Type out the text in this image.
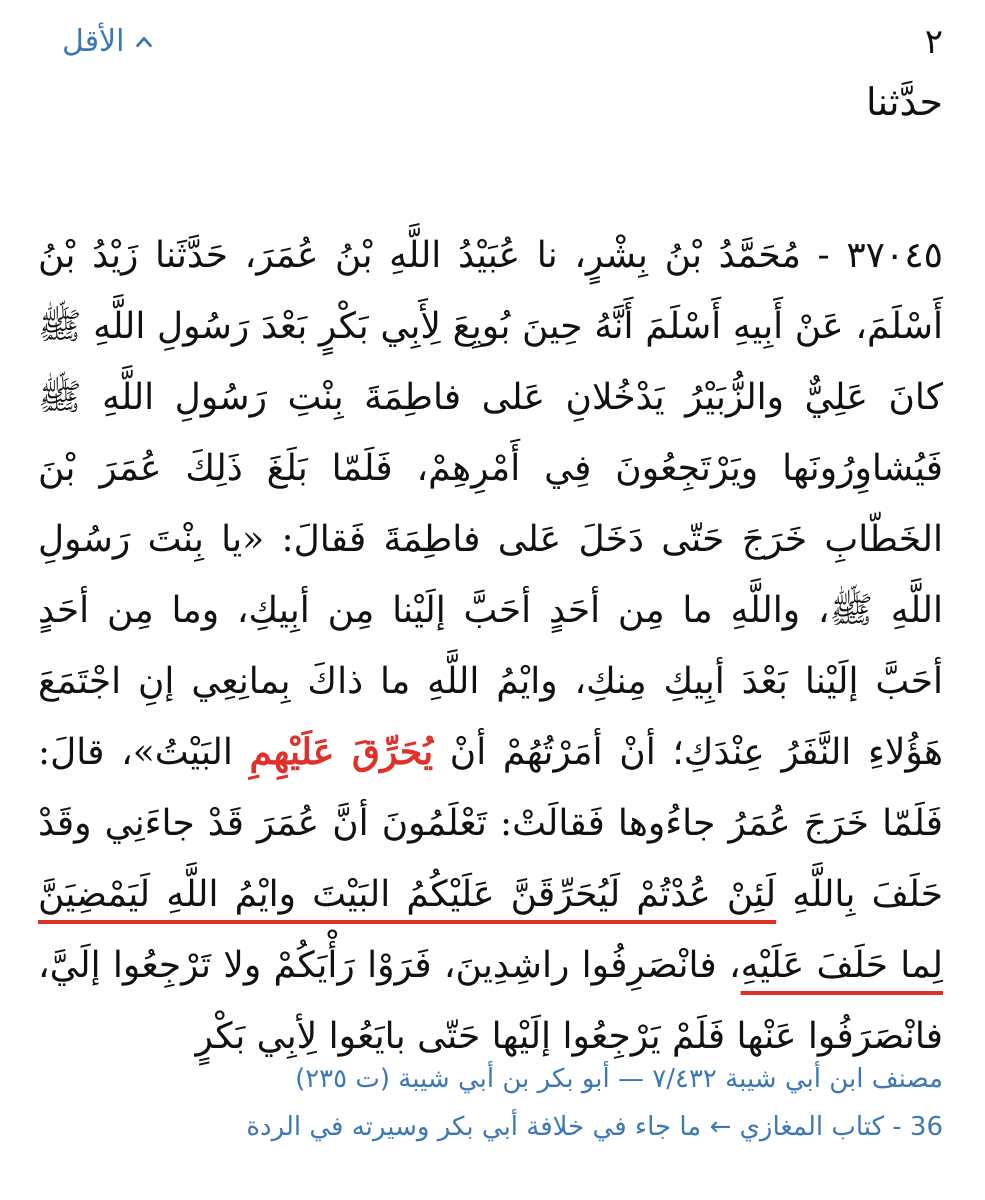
٢
الأقل
حدَّثنا
٣٧٠٤٥ - مُحَمَّدُ بْنُ بِشْرٍ، نا عُبَيْدُ اللَّهِ بْنُ عُمَرَ، حَدَّثَنا زَيْدُ بْنُ أَسْلَمَ، عَنْ أَبِيهِ أَسْلَمَ أَنَّهُ حِينَ بُويِعَ لِأَبِي بَكْرٍ بَعْدَ رَسُولِ اللَّهِ ﷺ كانَ عَلِيٌّ والزُّبَيْرُ يَدْخُلانِ عَلى فاطِمَةَ بِنْتِ رَسُولِ اللَّهِ ﷺ فَيُشاوِرُونَها ويَرْتَجِعُونَ فِي أَمْرِهِمْ، فَلَمّا بَلَغَ ذَلِكَ عُمَرَ بْنَ الخَطّابِ خَرَجَ حَتّى دَخَلَ عَلى فاطِمَةَ فَقالَ: «يا بِنْتَ رَسُولِ اللَّهِ ﷺ، واللَّهِ ما مِن أحَدٍ أحَبَّ إلَيْنا مِن أبِيكِ، وما مِن أحَدٍ أحَبَّ إلَيْنا بَعْدَ أبِيكِ مِنكِ، وايْمُ اللَّهِ ما ذاكَ بِمانِعِي إنِ اجْتَمَعَ هَؤُلاءِ النَّفَرُ عِنْدَكِ؛ أنْ أمَرْتُهُمْ أنْ يُحَرِّقَ عَلَيْهِمِ البَيْتُ»، قالَ: فَلَمّا خَرَجَ عُمَرُ جاءُوها فَقالَتْ: تَعْلَمُونَ أنَّ عُمَرَ قَدْ جاءَنِي وقَدْ حَلَفَ بِاللَّهِ لَئِنْ عُدْتُمْ لَيُحَرِّقَنَّ عَلَيْكُمُ البَيْتَ وايْمُ اللَّهِ لَيَمْضِيَنَّ لِما حَلَفَ عَلَيْهِ، فانْصَرِفُوا راشِدِينَ، فَرَوْا رَأْيَكُمْ ولا تَرْجِعُوا إلَيَّ، فانْصَرَفُوا عَنْها فَلَمْ يَرْجِعُوا إلَيْها حَتّى بايَعُوا لِأبِي بَكْرٍ
مصنف ابن أبي شيبة ٧/٤٣٢ — أبو بكر بن أبي شيبة (ت ٢٣٥)
36 - كتاب المغازي ← ما جاء في خلافة أبي بكر وسيرته في الردة
